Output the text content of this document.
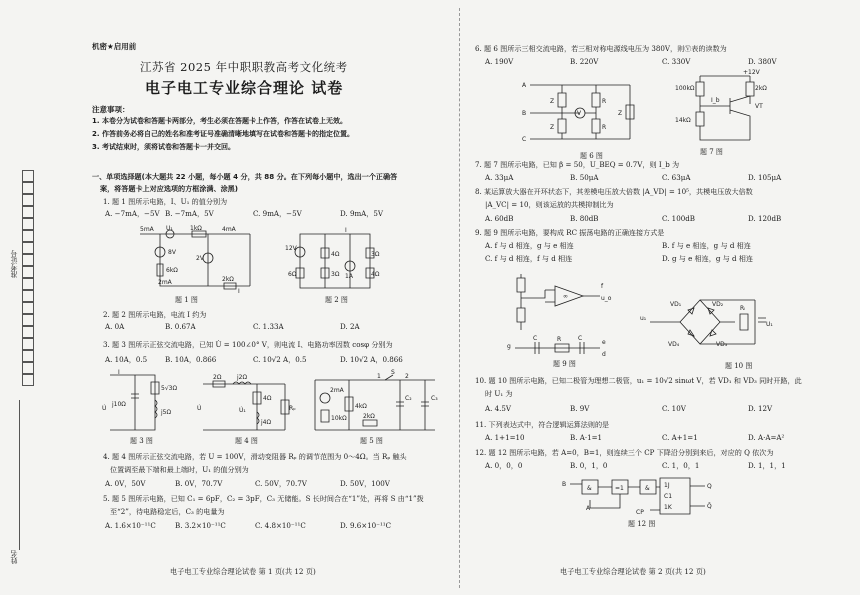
准考证号
姓名
机密★启用前
江苏省 2025 年中职职教高考文化统考
电子电工专业综合理论 试卷
注意事项：
1. 本卷分为试卷和答题卡两部分，考生必须在答题卡上作答，作答在试卷上无效。
2. 作答前务必将自己的姓名和准考证号准确清晰地填写在试卷和答题卡的指定位置。
3. 考试结束时，须将试卷和答题卡一并交回。
一、单项选择题(本大题共 22 小题，每小题 4 分，共 88 分。在下列每小题中，选出一个正确答
案，将答题卡上对应选项的方框涂满、涂黑)
1. 题 1 图所示电路，I、U₁ 的值分别为
A. −7mA，−5V B. −7mA，5V	C. 9mA，−5V	D. 9mA，5V
5mA U₁	1kΩ	4mA
8V
2V
6kΩ
2mA	2kΩ
I
题 1 图
12V
4Ω	3Ω
6Ω	3Ω 1A	4Ω
I
题 2 图
2. 题 2 图所示电路，电流 I 约为
A. 0A	B. 0.67A	C. 1.33A	D. 2A
3. 题 3 图所示正弦交流电路，已知 U̇ = 100∠0° V，则电流 I、电路功率因数 cosφ 分别为
A. 10A，0.5	B. 10A，0.866	C. 10√2 A，0.5	D. 10√2 A，0.866
I
5√3Ω
j10Ω
j5Ω
U̇
题 3 图
2Ω	j2Ω
4Ω
Rₚ
U̇	U̇₁
j4Ω
题 4 图
2mA
10kΩ
4kΩ
2kΩ
1
S
2
C₂	C₃
题 5 图
4. 题 4 图所示正弦交流电路，若 U = 100V，滑动变阻器 Rₚ 的调节范围为 0～4Ω。当 Rₚ 触头
位置调至最下端和最上端时，U₁ 的值分别为
A. 0V，50V	B. 0V，70.7V	C. 50V，70.7V	D. 50V，100V
5. 题 5 图所示电路，已知 C₁ = 6pF，C₂ = 3pF，C₃ 无储能。S 长时间合在“1”处，再将 S 由“1”拨
至“2”，待电路稳定后，C₃ 的电量为
A. 1.6×10⁻¹¹C	B. 3.2×10⁻¹¹C	C. 4.8×10⁻¹¹C	D. 9.6×10⁻¹¹C
电子电工专业综合理论试卷 第 1 页(共 12 页)
6. 题 6 图所示三相交流电路，若三相对称电源线电压为 380V，则Ⓥ表的读数为
A. 190V	B. 220V	C. 330V	D. 380V
A
B
C
Z
Z
R
R
V	Z
题 6 图
+12V
100kΩ	2kΩ
14kΩ
I_b
VT
题 7 图
7. 题 7 图所示电路，已知 β = 50，U_BEQ = 0.7V，则 I_b 为
A. 33μA	B. 50μA	C. 63μA	D. 105μA
8. 某运算放大器在开环状态下，其差模电压放大倍数 |A_VD| = 10⁵，共模电压放大倍数
|A_VC| = 10，则该运放的共模抑制比为
A. 60dB	B. 80dB	C. 100dB	D. 120dB
9. 题 9 图所示电路，要构成 RC 振荡电路的正确连接方式是
A. f 与 d 相连，g 与 e 相连	B. f 与 e 相连，g 与 d 相连
C. f 与 d 相连，f 与 d 相连	D. g 与 e 相连，g 与 d 相连
∞
f
u_o
C	R	C
g
e
d
题 9 图
VD₁	VD₂
VD₄	VD₃
u₁
Rₗ
U₁
题 10 图
10. 题 10 图所示电路，已知二极管为理想二极管，u₁ = 10√2 sinωt V，若 VD₁ 和 VD₃ 同时开路，此
时 U₁ 为
A. 4.5V	B. 9V	C. 10V	D. 12V
11. 下列表达式中，符合逻辑运算法则的是
A. 1+1=10	B. A·1=1	C. A+1=1	D. A·A=A²
12. 题 12 图所示电路，若 A=0，B=1，则连续三个 CP 下降沿分别到来后，对应的 Q 依次为
A. 0，0，0	B. 0，1，0	C. 1，0，1	D. 1，1，1
B
A
&	=1	& 1J
C1
1K
Q
Q̄
CP
题 12 图
电子电工专业综合理论试卷 第 2 页(共 12 页)
